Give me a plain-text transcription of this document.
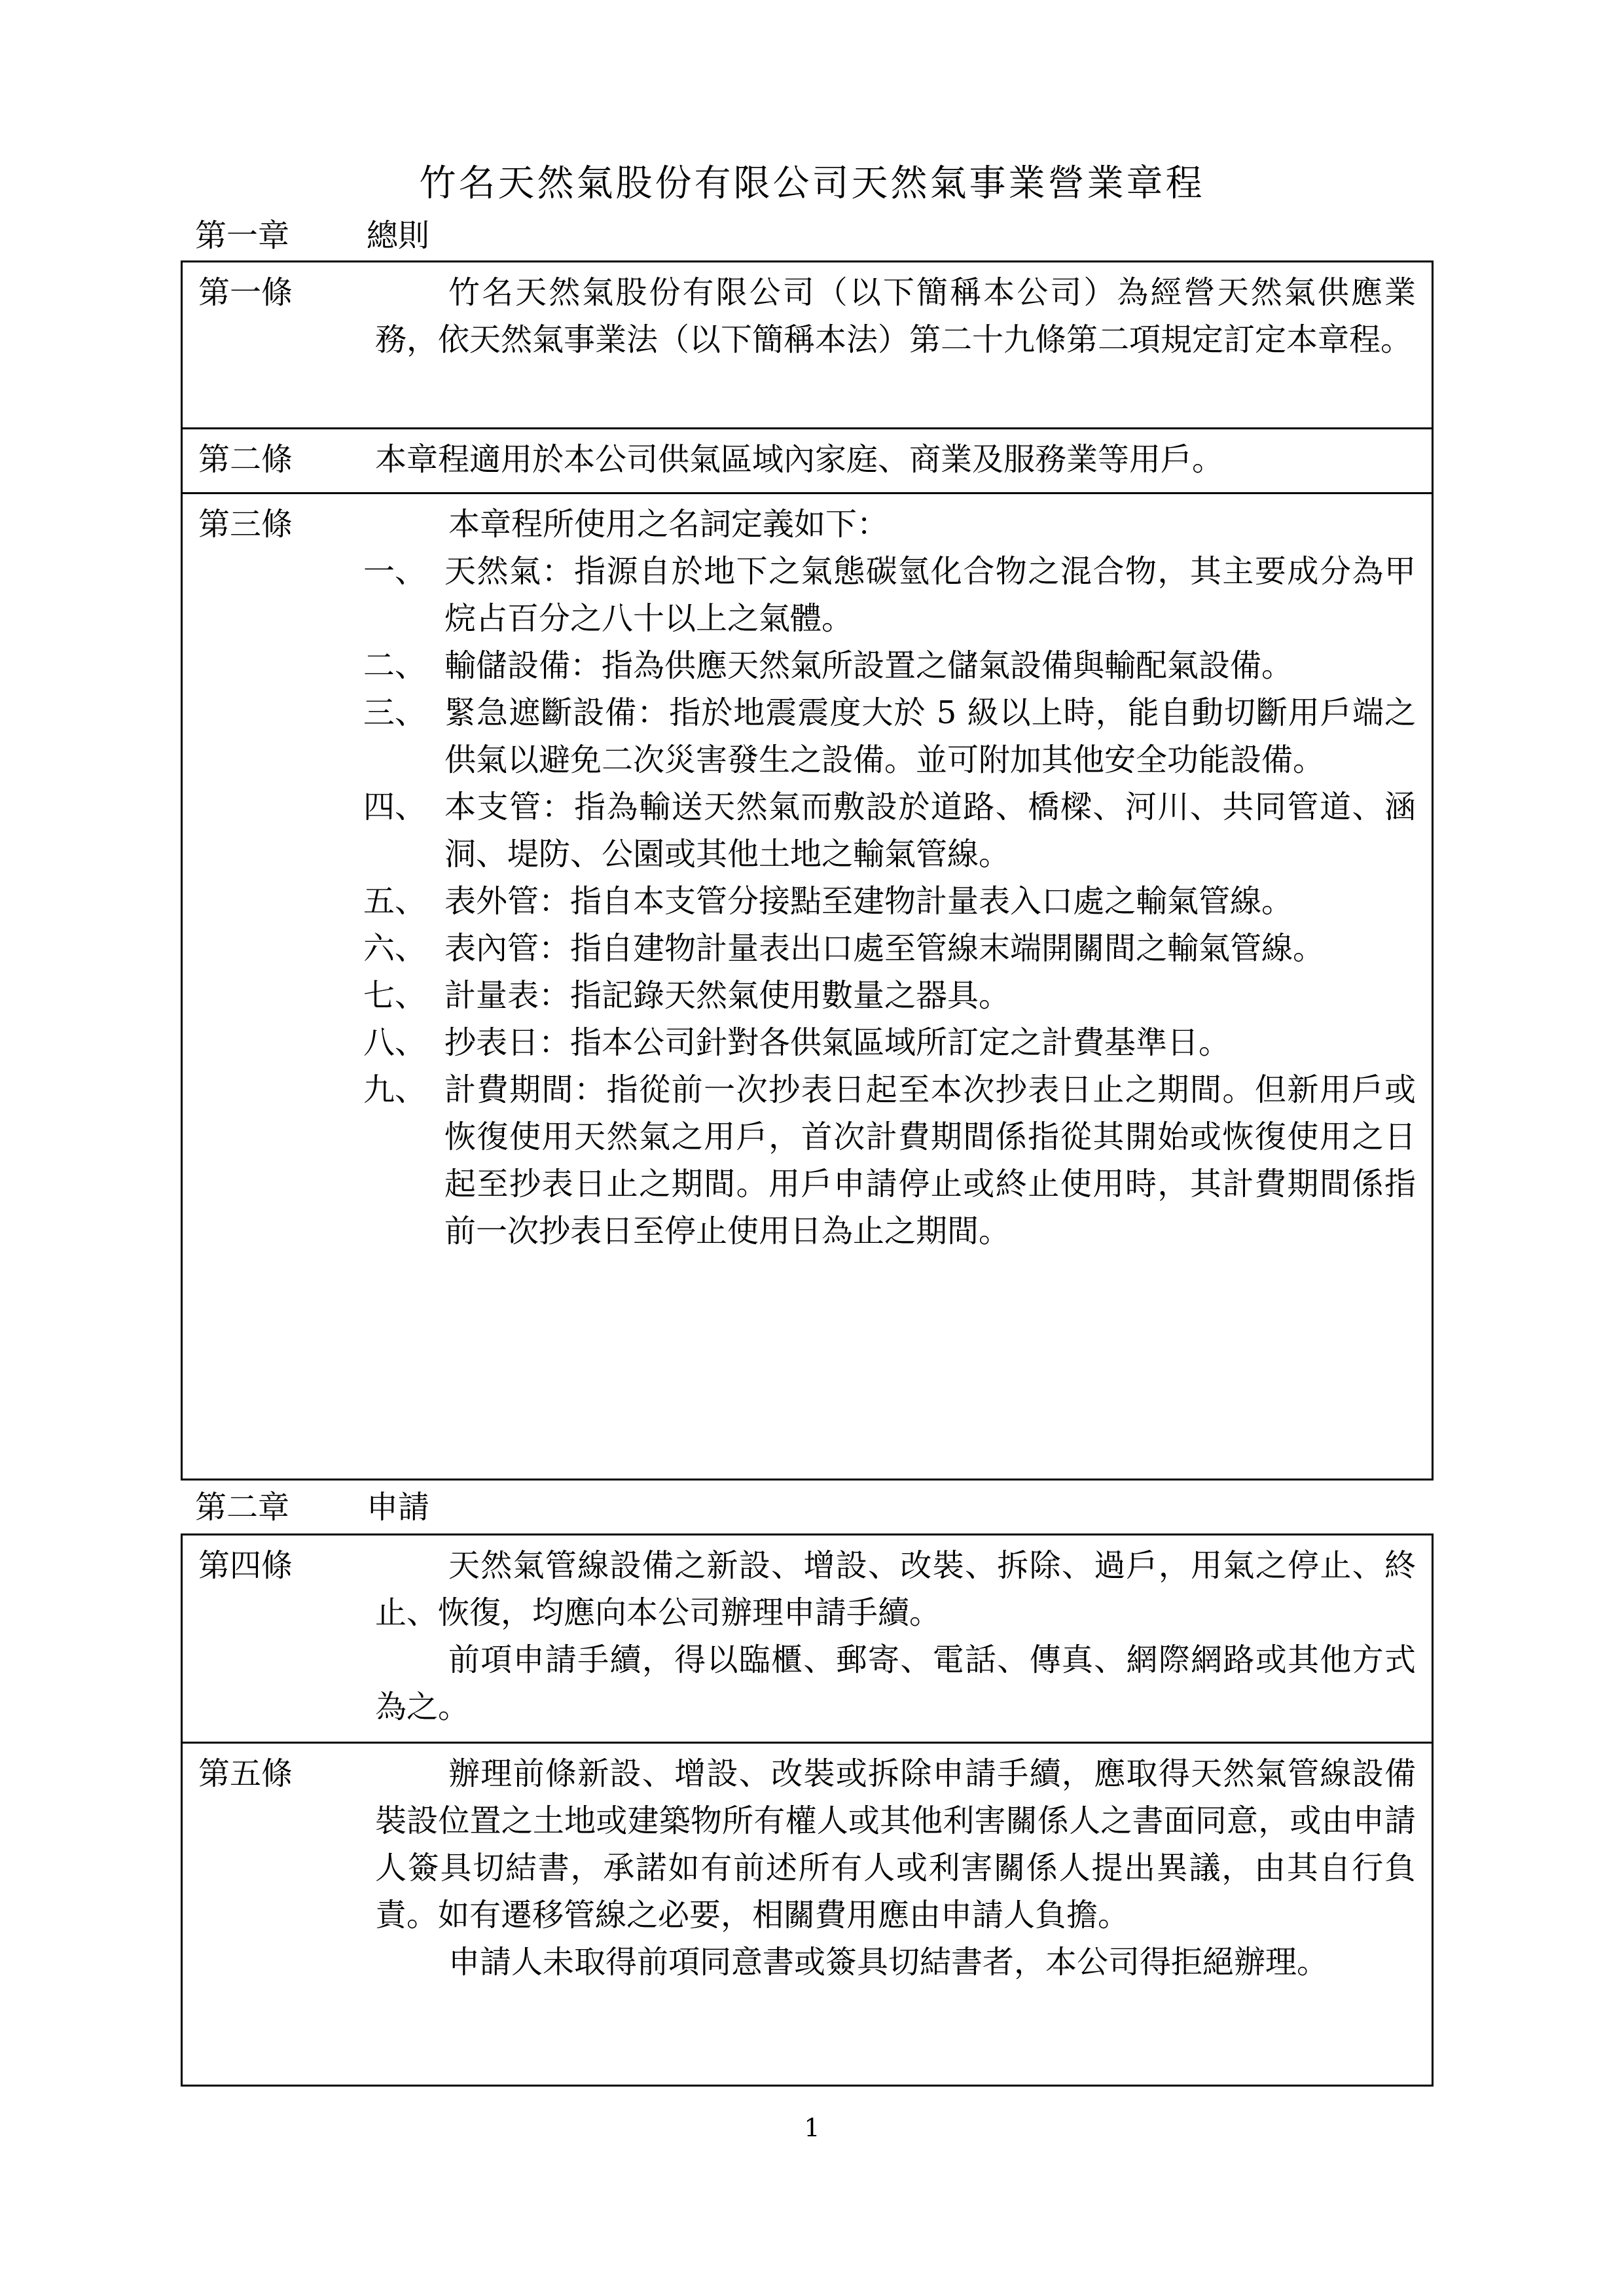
竹名天然氣股份有限公司天然氣事業營業章程
第一章 總則
第一條	竹名天然氣股份有限公司（以下簡稱本公司）為經營天然氣供應業務，依天然氣事業法（以下簡稱本法）第二十九條第二項規定訂定本章程。

第二條	本章程適用於本公司供氣區域內家庭、商業及服務業等用戶。

第三條	本章程所使用之名詞定義如下：

一、 天然氣：指源自於地下之氣態碳氫化合物之混合物，其主要成分為甲烷占百分之八十以上之氣體。
二、 輸儲設備：指為供應天然氣所設置之儲氣設備與輸配氣設備。
三、 緊急遮斷設備：指於地震震度大於 5 級以上時，能自動切斷用戶端之供氣以避免二次災害發生之設備。並可附加其他安全功能設備。
四、 本支管：指為輸送天然氣而敷設於道路、橋樑、河川、共同管道、涵洞、堤防、公園或其他土地之輸氣管線。
五、 表外管：指自本支管分接點至建物計量表入口處之輸氣管線。
六、 表內管：指自建物計量表出口處至管線末端開關間之輸氣管線。
七、 計量表：指記錄天然氣使用數量之器具。
八、 抄表日：指本公司針對各供氣區域所訂定之計費基準日。
九、 計費期間：指從前一次抄表日起至本次抄表日止之期間。但新用戶或恢復使用天然氣之用戶，首次計費期間係指從其開始或恢復使用之日起至抄表日止之期間。用戶申請停止或終止使用時，其計費期間係指前一次抄表日至停止使用日為止之期間。
第二章 申請
第四條	天然氣管線設備之新設、增設、改裝、拆除、過戶，用氣之停止、終止、恢復，均應向本公司辦理申請手續。

前項申請手續，得以臨櫃、郵寄、電話、傳真、網際網路或其他方式為之。

第五條	辦理前條新設、增設、改裝或拆除申請手續，應取得天然氣管線設備裝設位置之土地或建築物所有權人或其他利害關係人之書面同意，或由申請人簽具切結書，承諾如有前述所有人或利害關係人提出異議，由其自行負責。如有遷移管線之必要，相關費用應由申請人負擔。

申請人未取得前項同意書或簽具切結書者，本公司得拒絕辦理。

1
